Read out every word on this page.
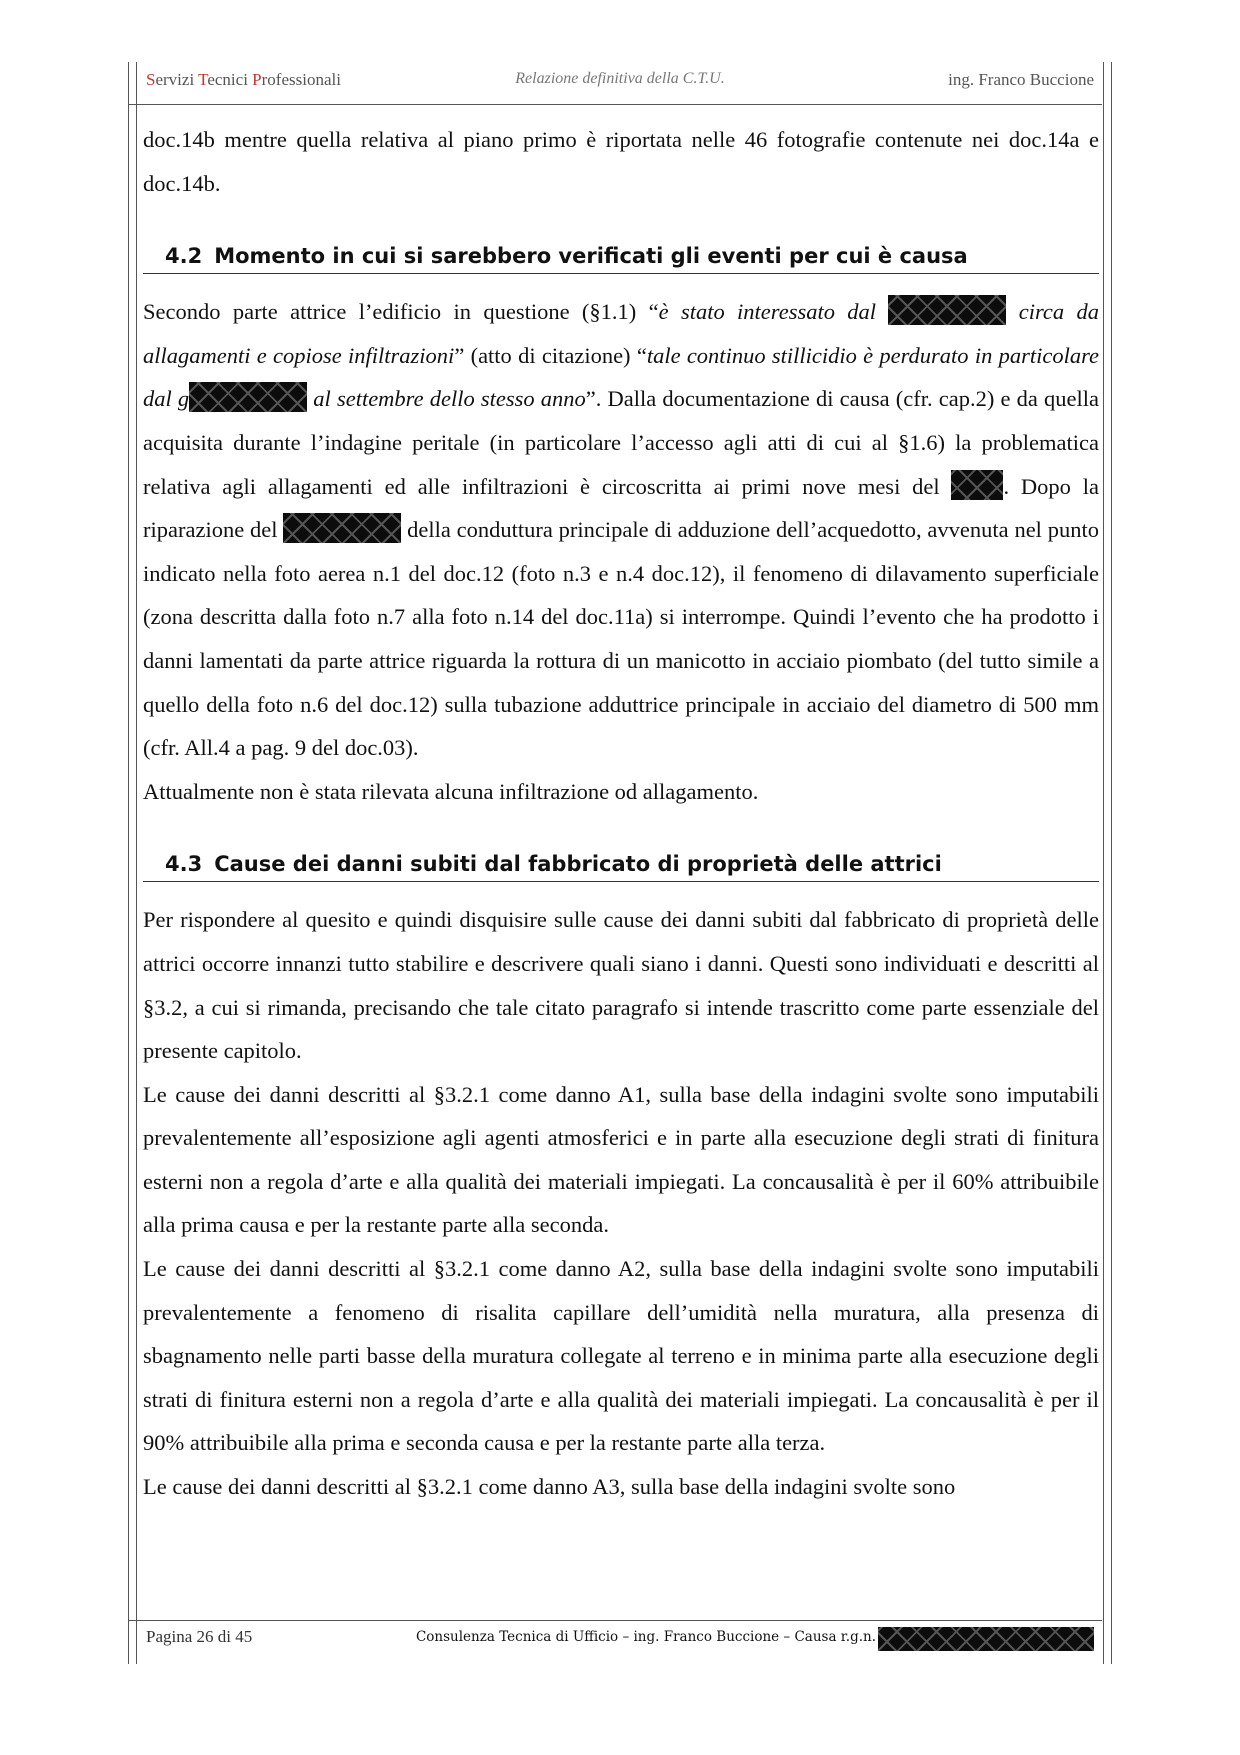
Servizi Tecnici Professionali	Relazione definitiva della C.T.U.	ing. Franco Buccione

doc.14b mentre quella relativa al piano primo è riportata nelle 46 fotografie contenute nei doc.14a e doc.14b.

4.2 Momento in cui si sarebbero verificati gli eventi per cui è causa

Secondo parte attrice l’edificio in questione (§1.1) “è stato interessato dal	circa da allagamenti e copiose infiltrazioni” (atto di citazione) “tale continuo stillicidio è perdurato in particolare dal g	al settembre dello stesso anno”. Dalla documentazione di causa (cfr. cap.2) e da quella acquisita durante l’indagine peritale (in particolare l’accesso agli atti di cui al §1.6) la problematica relativa agli allagamenti ed alle infiltrazioni è circoscritta ai primi nove mesi del . Dopo la riparazione del	della conduttura principale di adduzione dell’acquedotto, avvenuta nel punto indicato nella foto aerea n.1 del doc.12 (foto n.3 e n.4 doc.12), il fenomeno di dilavamento superficiale (zona descritta dalla foto n.7 alla foto n.14 del doc.11a) si interrompe. Quindi l’evento che ha prodotto i danni lamentati da parte attrice riguarda la rottura di un manicotto in acciaio piombato (del tutto simile a quello della foto n.6 del doc.12) sulla tubazione adduttrice principale in acciaio del diametro di 500 mm (cfr. All.4 a pag. 9 del doc.03).

Attualmente non è stata rilevata alcuna infiltrazione od allagamento.

4.3 Cause dei danni subiti dal fabbricato di proprietà delle attrici

Per rispondere al quesito e quindi disquisire sulle cause dei danni subiti dal fabbricato di proprietà delle attrici occorre innanzi tutto stabilire e descrivere quali siano i danni. Questi sono individuati e descritti al §3.2, a cui si rimanda, precisando che tale citato paragrafo si intende trascritto come parte essenziale del presente capitolo.

Le cause dei danni descritti al §3.2.1 come danno A1, sulla base della indagini svolte sono imputabili prevalentemente all’esposizione agli agenti atmosferici e in parte alla esecuzione degli strati di finitura esterni non a regola d’arte e alla qualità dei materiali impiegati. La concausalità è per il 60% attribuibile alla prima causa e per la restante parte alla seconda.

Le cause dei danni descritti al §3.2.1 come danno A2, sulla base della indagini svolte sono imputabili prevalentemente a fenomeno di risalita capillare dell’umidità nella muratura, alla presenza di sbagnamento nelle parti basse della muratura collegate al terreno e in minima parte alla esecuzione degli strati di finitura esterni non a regola d’arte e alla qualità dei materiali impiegati. La concausalità è per il 90% attribuibile alla prima e seconda causa e per la restante parte alla terza.

Le cause dei danni descritti al §3.2.1 come danno A3, sulla base della indagini svolte sono

Pagina 26 di 45	Consulenza Tecnica di Ufficio – ing. Franco Buccione – Causa r.g.n.
